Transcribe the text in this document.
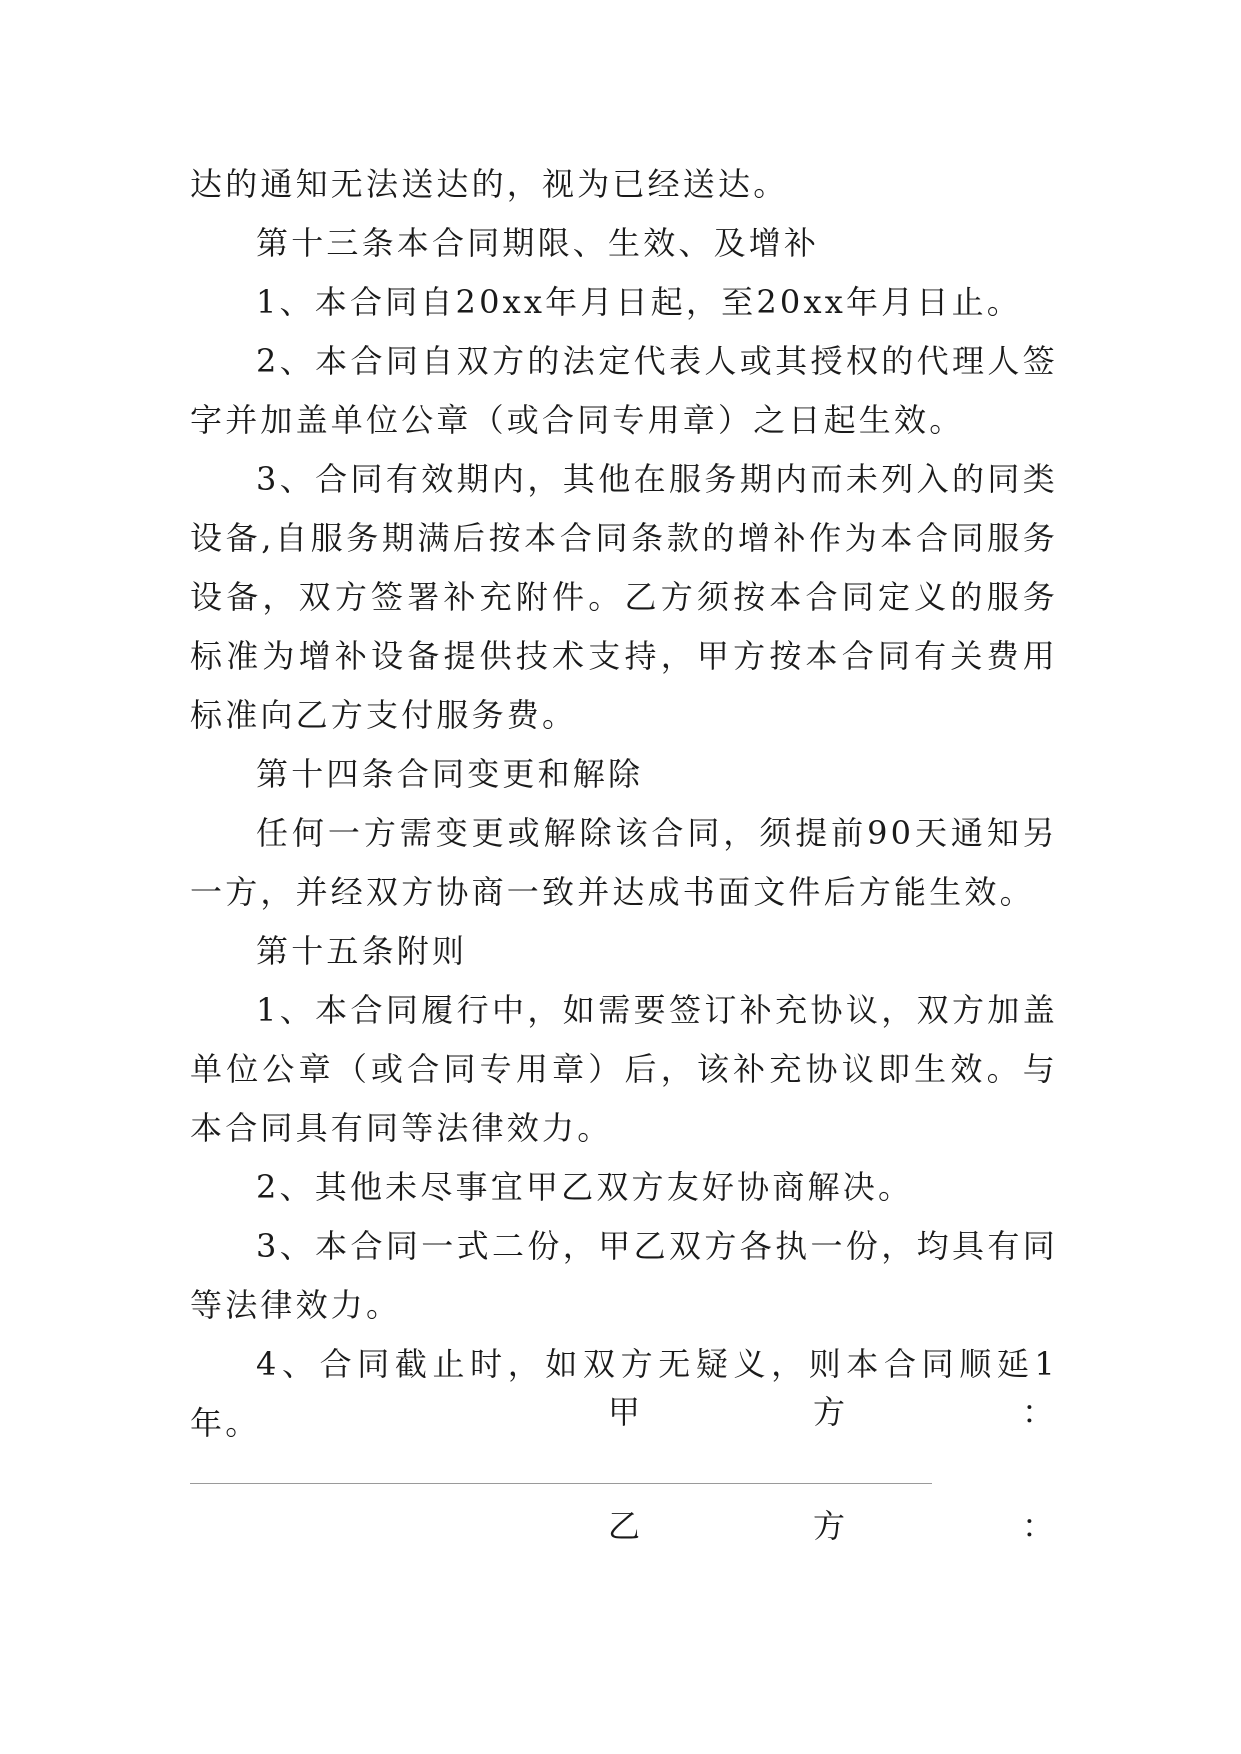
达的通知无法送达的，视为已经送达。

第十三条本合同期限、生效、及增补

1、本合同自20xx年月日起，至20xx年月日止。

2、本合同自双方的法定代表人或其授权的代理人签字并加盖单位公章（或合同专用章）之日起生效。

3、合同有效期内，其他在服务期内而未列入的同类设备,自服务期满后按本合同条款的增补作为本合同服务设备，双方签署补充附件。乙方须按本合同定义的服务标准为增补设备提供技术支持，甲方按本合同有关费用标准向乙方支付服务费。

第十四条合同变更和解除

任何一方需变更或解除该合同，须提前90天通知另一方，并经双方协商一致并达成书面文件后方能生效。

第十五条附则

1、本合同履行中，如需要签订补充协议，双方加盖单位公章（或合同专用章）后，该补充协议即生效。与本合同具有同等法律效力。

2、其他未尽事宜甲乙双方友好协商解决。

3、本合同一式二份，甲乙双方各执一份，均具有同等法律效力。

4、合同截止时，如双方无疑义，则本合同顺延1年。	甲	方	：
乙	方	：
